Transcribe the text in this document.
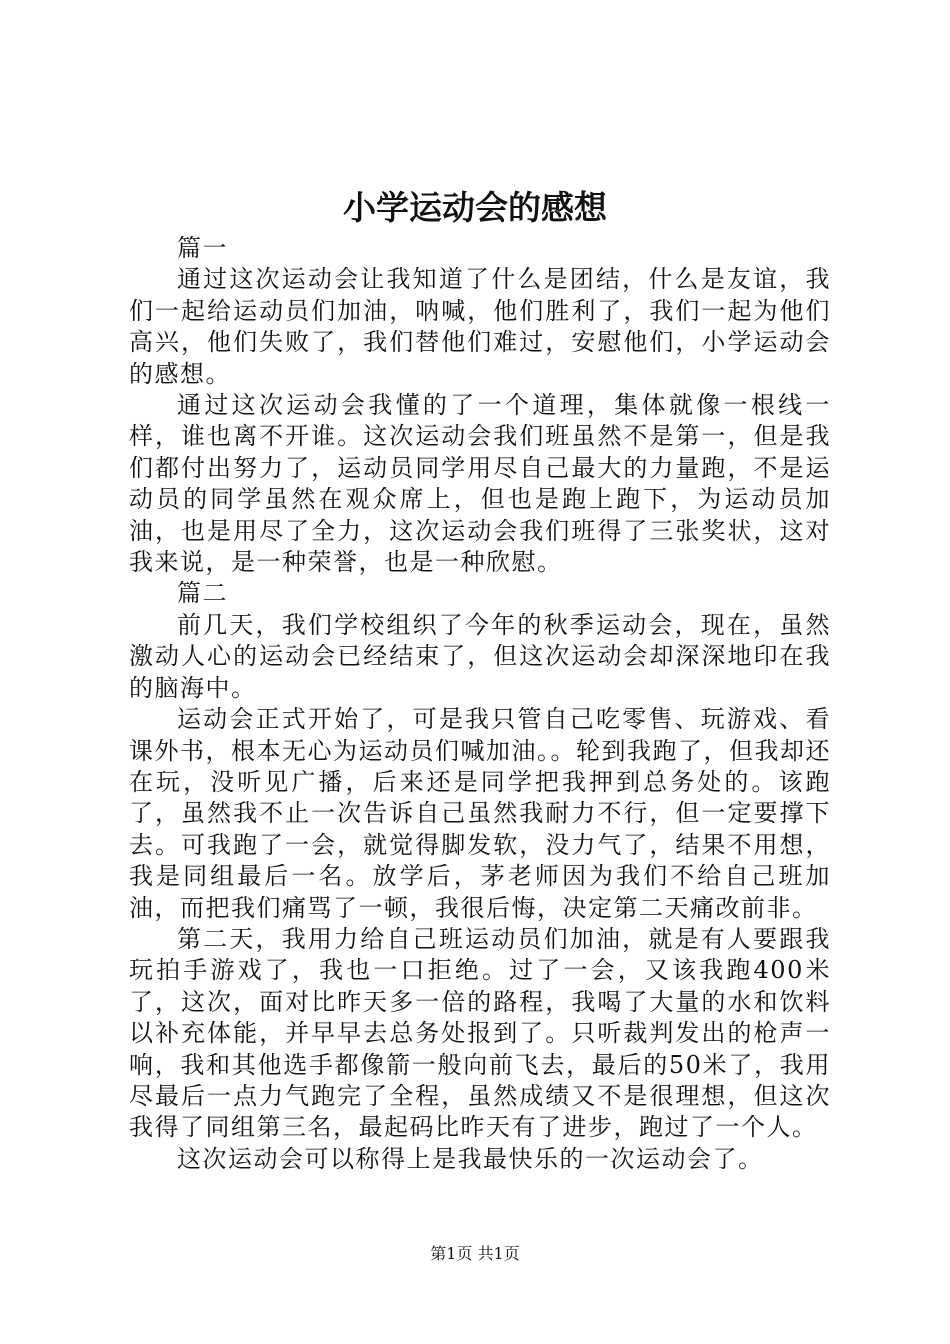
小学运动会的感想

篇一

通过这次运动会让我知道了什么是团结，什么是友谊，我们一起给运动员们加油，呐喊，他们胜利了，我们一起为他们高兴，他们失败了，我们替他们难过，安慰他们，小学运动会的感想。

通过这次运动会我懂的了一个道理，集体就像一根线一样，谁也离不开谁。这次运动会我们班虽然不是第一，但是我们都付出努力了，运动员同学用尽自己最大的力量跑，不是运动员的同学虽然在观众席上，但也是跑上跑下，为运动员加油，也是用尽了全力，这次运动会我们班得了三张奖状，这对我来说，是一种荣誉，也是一种欣慰。

篇二

前几天，我们学校组织了今年的秋季运动会，现在，虽然激动人心的运动会已经结束了，但这次运动会却深深地印在我的脑海中。

运动会正式开始了，可是我只管自己吃零售、玩游戏、看课外书，根本无心为运动员们喊加油。。轮到我跑了，但我却还在玩，没听见广播，后来还是同学把我押到总务处的。该跑了，虽然我不止一次告诉自己虽然我耐力不行，但一定要撑下去。可我跑了一会，就觉得脚发软，没力气了，结果不用想，我是同组最后一名。放学后，茅老师因为我们不给自己班加油，而把我们痛骂了一顿，我很后悔，决定第二天痛改前非。

第二天，我用力给自己班运动员们加油，就是有人要跟我玩拍手游戏了，我也一口拒绝。过了一会，又该我跑400米了，这次，面对比昨天多一倍的路程，我喝了大量的水和饮料以补充体能，并早早去总务处报到了。只听裁判发出的枪声一响，我和其他选手都像箭一般向前飞去，最后的50米了，我用尽最后一点力气跑完了全程，虽然成绩又不是很理想，但这次我得了同组第三名，最起码比昨天有了进步，跑过了一个人。

这次运动会可以称得上是我最快乐的一次运动会了。

第1页 共1页
